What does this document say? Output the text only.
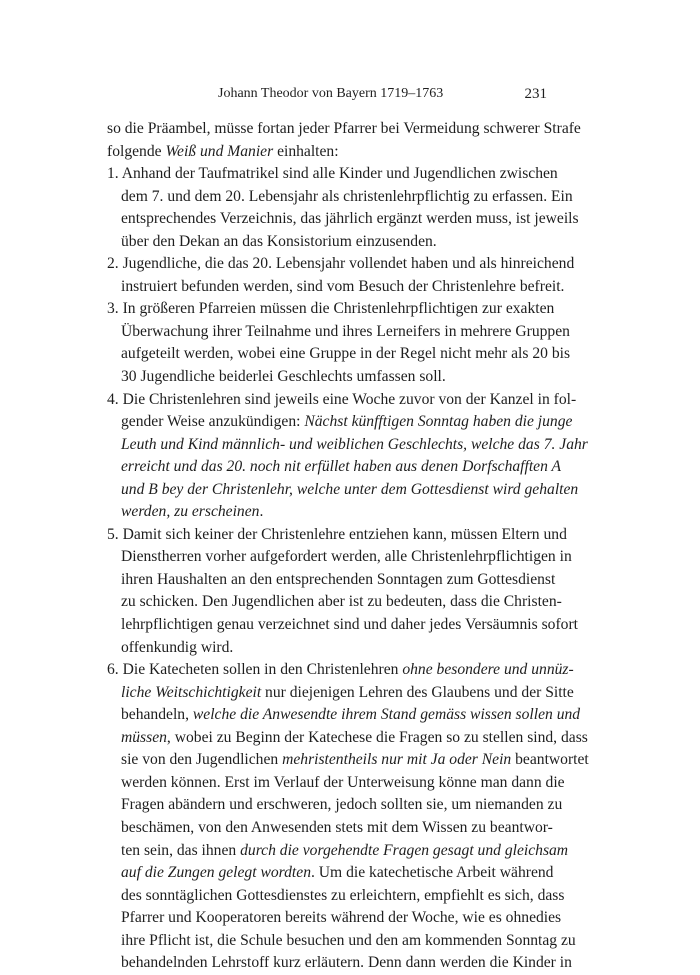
Johann Theodor von Bayern 1719–1763	231
so die Präambel, müsse fortan jeder Pfarrer bei Vermeidung schwerer Strafe
folgende Weiß und Manier einhalten:
1. Anhand der Taufmatrikel sind alle Kinder und Jugendlichen zwischen
dem 7. und dem 20. Lebensjahr als christenlehrpflichtig zu erfassen. Ein
entsprechendes Verzeichnis, das jährlich ergänzt werden muss, ist jeweils
über den Dekan an das Konsistorium einzusenden.
2. Jugendliche, die das 20. Lebensjahr vollendet haben und als hinreichend
instruiert befunden werden, sind vom Besuch der Christenlehre befreit.
3. In größeren Pfarreien müssen die Christenlehrpflichtigen zur exakten
Überwachung ihrer Teilnahme und ihres Lerneifers in mehrere Gruppen
aufgeteilt werden, wobei eine Gruppe in der Regel nicht mehr als 20 bis
30 Jugendliche beiderlei Geschlechts umfassen soll.
4. Die Christenlehren sind jeweils eine Woche zuvor von der Kanzel in fol-
gender Weise anzukündigen: Nächst künfftigen Sonntag haben die junge
Leuth und Kind männlich- und weiblichen Geschlechts, welche das 7. Jahr
erreicht und das 20. noch nit erfüllet haben aus denen Dorfschafften A
und B bey der Christenlehr, welche unter dem Gottesdienst wird gehalten
werden, zu erscheinen.
5. Damit sich keiner der Christenlehre entziehen kann, müssen Eltern und
Dienstherren vorher aufgefordert werden, alle Christenlehrpflichtigen in
ihren Haushalten an den entsprechenden Sonntagen zum Gottesdienst
zu schicken. Den Jugendlichen aber ist zu bedeuten, dass die Christen-
lehrpflichtigen genau verzeichnet sind und daher jedes Versäumnis sofort
offenkundig wird.
6. Die Katecheten sollen in den Christenlehren ohne besondere und unnüz-
liche Weitschichtigkeit nur diejenigen Lehren des Glaubens und der Sitte
behandeln, welche die Anwesendte ihrem Stand gemäss wissen sollen und
müssen, wobei zu Beginn der Katechese die Fragen so zu stellen sind, dass
sie von den Jugendlichen mehristentheils nur mit Ja oder Nein beantwortet
werden können. Erst im Verlauf der Unterweisung könne man dann die
Fragen abändern und erschweren, jedoch sollten sie, um niemanden zu
beschämen, von den Anwesenden stets mit dem Wissen zu beantwor-
ten sein, das ihnen durch die vorgehendte Fragen gesagt und gleichsam
auf die Zungen gelegt wordten. Um die katechetische Arbeit während
des sonntäglichen Gottesdienstes zu erleichtern, empfiehlt es sich, dass
Pfarrer und Kooperatoren bereits während der Woche, wie es ohnedies
ihre Pflicht ist, die Schule besuchen und den am kommenden Sonntag zu
behandelnden Lehrstoff kurz erläutern. Denn dann werden die Kinder in
